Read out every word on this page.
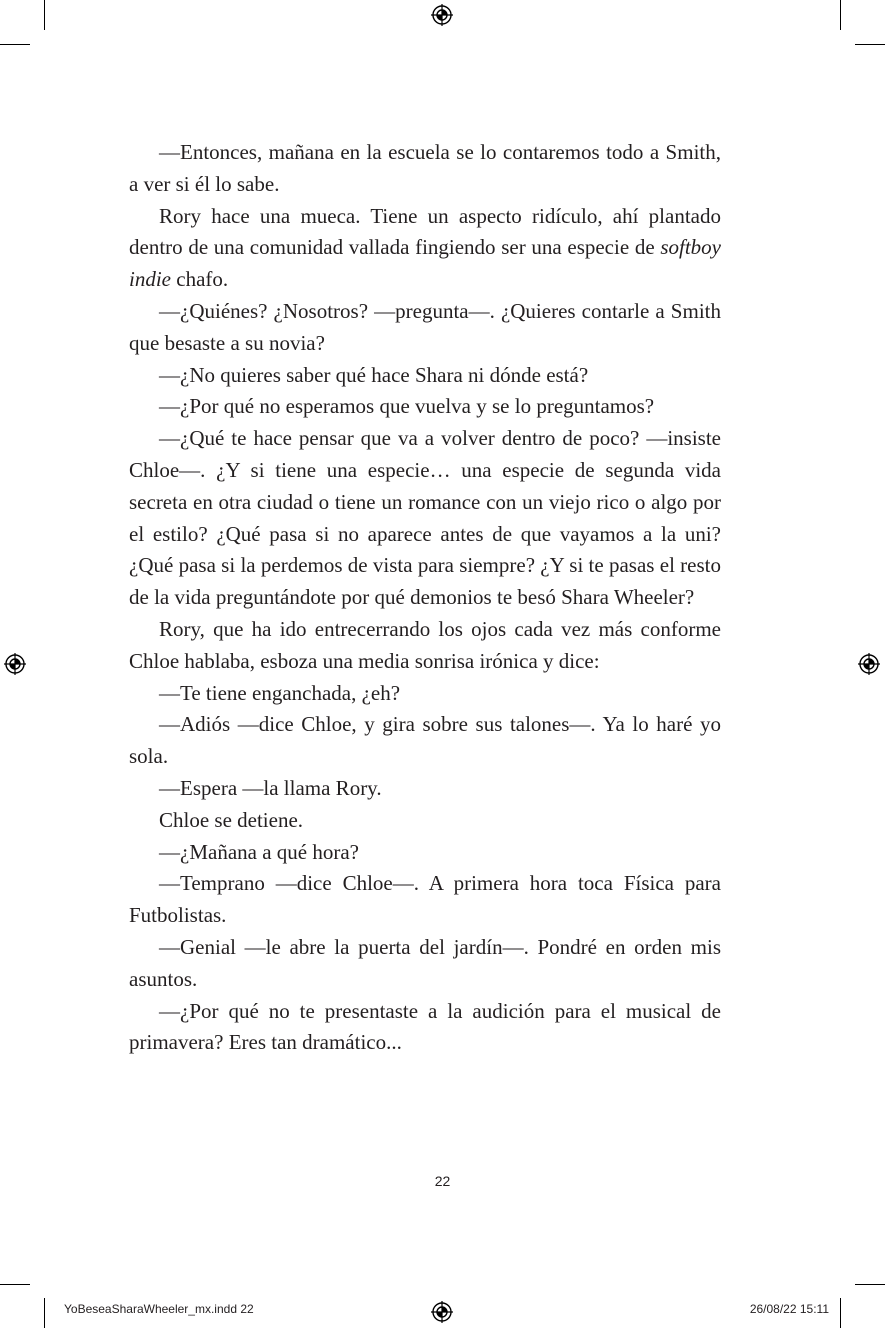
—Entonces, mañana en la escuela se lo contaremos todo a Smith, a ver si él lo sabe.

Rory hace una mueca. Tiene un aspecto ridículo, ahí plantado dentro de una comunidad vallada fingiendo ser una especie de softboy indie chafo.

—¿Quiénes? ¿Nosotros? —pregunta—. ¿Quieres contarle a Smith que besaste a su novia?

—¿No quieres saber qué hace Shara ni dónde está?

—¿Por qué no esperamos que vuelva y se lo preguntamos?

—¿Qué te hace pensar que va a volver dentro de poco? —insiste Chloe—. ¿Y si tiene una especie… una especie de segunda vida secreta en otra ciudad o tiene un romance con un viejo rico o algo por el estilo? ¿Qué pasa si no aparece antes de que vayamos a la uni? ¿Qué pasa si la perdemos de vista para siempre? ¿Y si te pasas el resto de la vida preguntándote por qué demonios te besó Shara Wheeler?

Rory, que ha ido entrecerrando los ojos cada vez más conforme Chloe hablaba, esboza una media sonrisa irónica y dice:

—Te tiene enganchada, ¿eh?

—Adiós —dice Chloe, y gira sobre sus talones—. Ya lo haré yo sola.

—Espera —la llama Rory.

Chloe se detiene.

—¿Mañana a qué hora?

—Temprano —dice Chloe—. A primera hora toca Física para Futbolistas.

—Genial —le abre la puerta del jardín—. Pondré en orden mis asuntos.

—¿Por qué no te presentaste a la audición para el musical de primavera? Eres tan dramático...

22
YoBeseaSharaWheeler_mx.indd 22	26/08/22 15:11
